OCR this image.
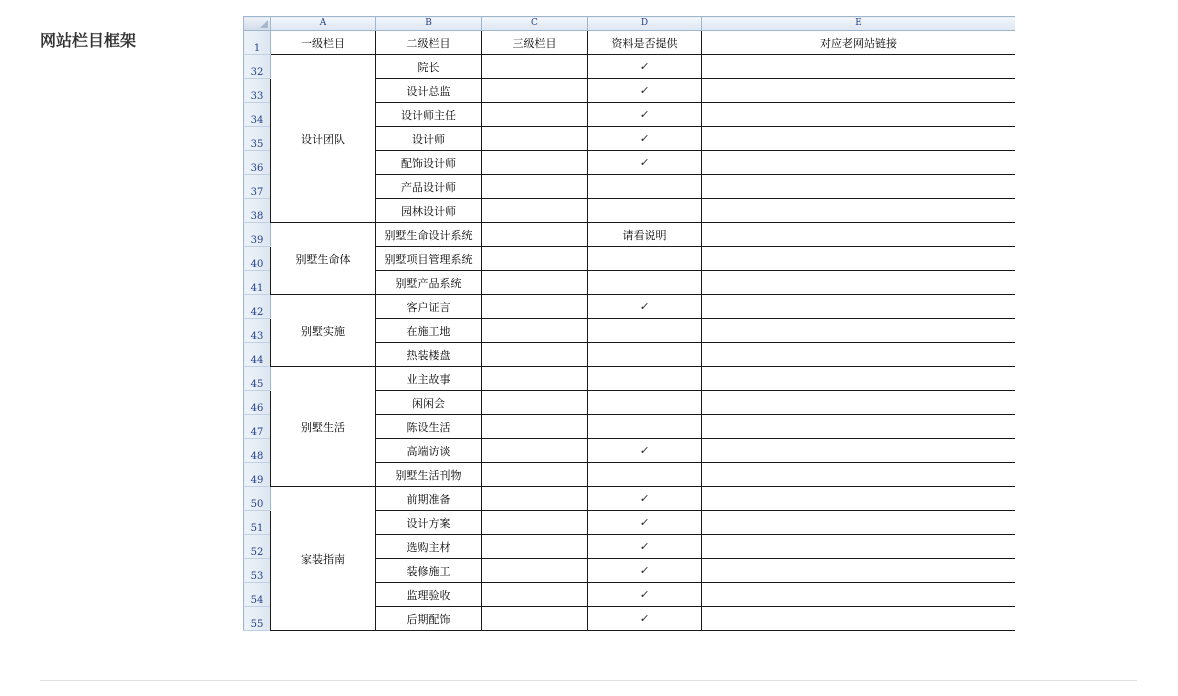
网站栏目框架
	A	B	C	D	E
1	一级栏目	二级栏目	三级栏目	资料是否提供	对应老网站链接
32	设计团队	院长		✓	
33		设计总监		✓	
34		设计师主任		✓	
35		设计师		✓	
36		配饰设计师		✓	
37		产品设计师			
38		园林设计师			
39	别墅生命体	别墅生命设计系统		请看说明	
40		别墅项目管理系统			
41		别墅产品系统			
42	别墅实施	客户证言		✓	
43		在施工地			
44		热装楼盘			
45	别墅生活	业主故事			
46		闲闲会			
47		陈设生活			
48		高端访谈		✓	
49		别墅生活刊物			
50	家装指南	前期准备		✓	
51		设计方案		✓	
52		选购主材		✓	
53		装修施工		✓	
54		监理验收		✓	
55		后期配饰		✓	
